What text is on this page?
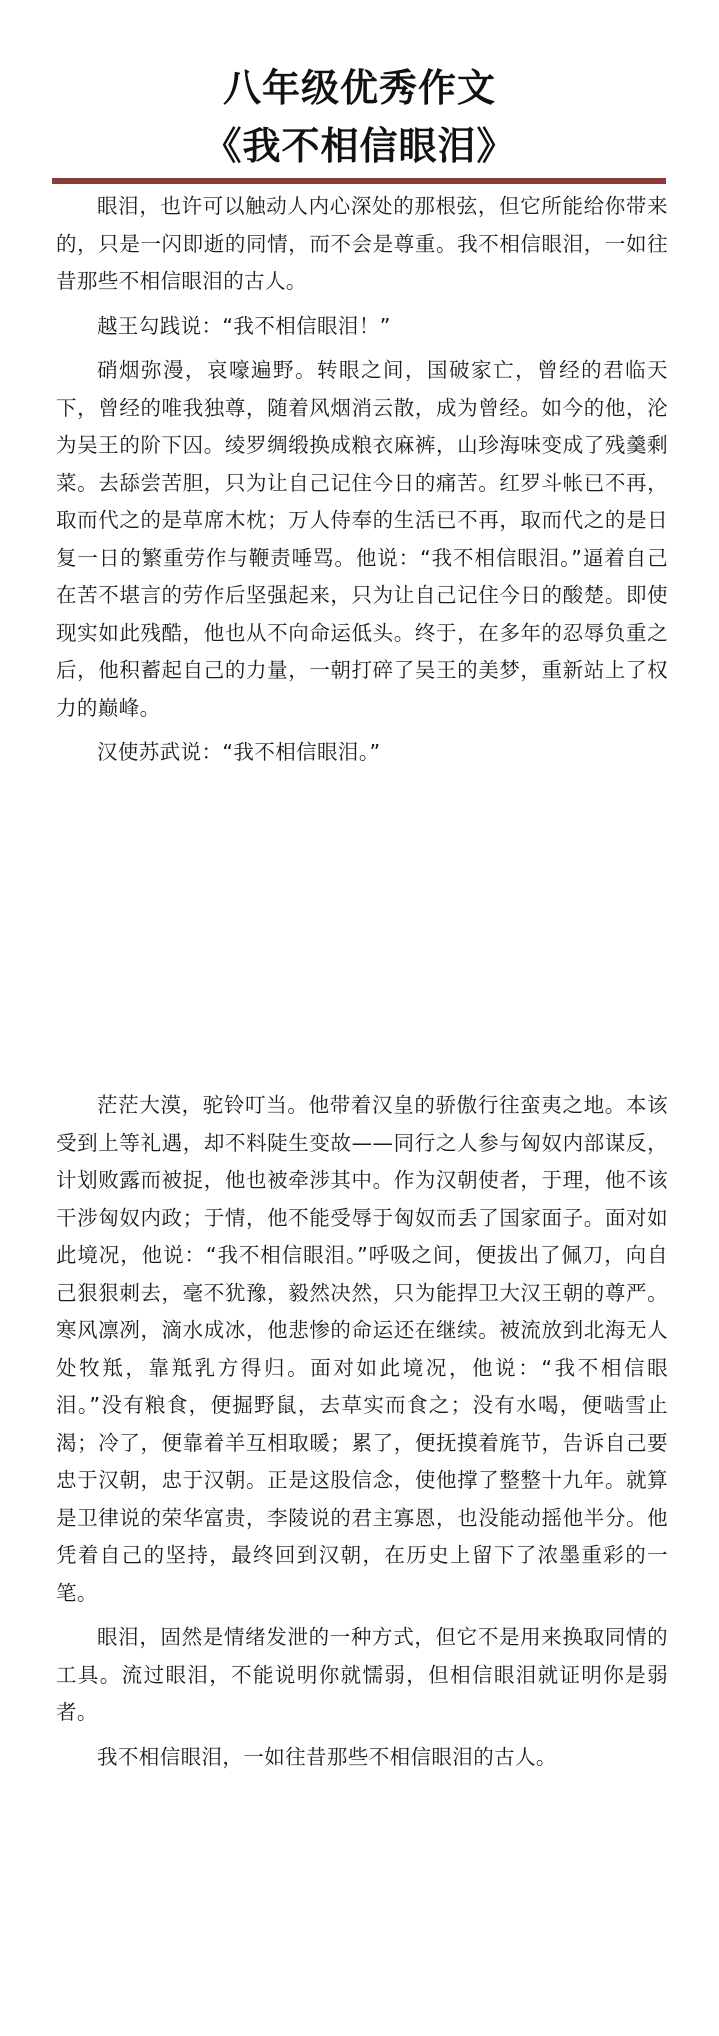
八年级优秀作文
《我不相信眼泪》

眼泪，也许可以触动人内心深处的那根弦，但它所能给你带来的，只是一闪即逝的同情，而不会是尊重。我不相信眼泪，一如往昔那些不相信眼泪的古人。

越王勾践说：“我不相信眼泪！”

硝烟弥漫，哀嚎遍野。转眼之间，国破家亡，曾经的君临天下，曾经的唯我独尊，随着风烟消云散，成为曾经。如今的他，沦为吴王的阶下囚。绫罗绸缎换成粮衣麻裤，山珍海味变成了残羹剩菜。去舔尝苦胆，只为让自己记住今日的痛苦。红罗斗帐已不再，取而代之的是草席木枕；万人侍奉的生活已不再，取而代之的是日复一日的繁重劳作与鞭责唾骂。他说：“我不相信眼泪。”逼着自己在苦不堪言的劳作后坚强起来，只为让自己记住今日的酸楚。即使现实如此残酷，他也从不向命运低头。终于，在多年的忍辱负重之后，他积蓄起自己的力量，一朝打碎了吴王的美梦，重新站上了权力的巅峰。

汉使苏武说：“我不相信眼泪。”

茫茫大漠，驼铃叮当。他带着汉皇的骄傲行往蛮夷之地。本该受到上等礼遇，却不料陡生变故——同行之人参与匈奴内部谋反，计划败露而被捉，他也被牵涉其中。作为汉朝使者，于理，他不该干涉匈奴内政；于情，他不能受辱于匈奴而丢了国家面子。面对如此境况，他说：“我不相信眼泪。”呼吸之间，便拔出了佩刀，向自己狠狠刺去，毫不犹豫，毅然决然，只为能捍卫大汉王朝的尊严。寒风凛冽，滴水成冰，他悲惨的命运还在继续。被流放到北海无人处牧羝，靠羝乳方得归。面对如此境况，他说：“我不相信眼泪。”没有粮食，便掘野鼠，去草实而食之；没有水喝，便啮雪止渴；冷了，便靠着羊互相取暖；累了，便抚摸着旄节，告诉自己要忠于汉朝，忠于汉朝。正是这股信念，使他撑了整整十九年。就算是卫律说的荣华富贵，李陵说的君主寡恩，也没能动摇他半分。他凭着自己的坚持，最终回到汉朝，在历史上留下了浓墨重彩的一笔。

眼泪，固然是情绪发泄的一种方式，但它不是用来换取同情的工具。流过眼泪，不能说明你就懦弱，但相信眼泪就证明你是弱者。

我不相信眼泪，一如往昔那些不相信眼泪的古人。
